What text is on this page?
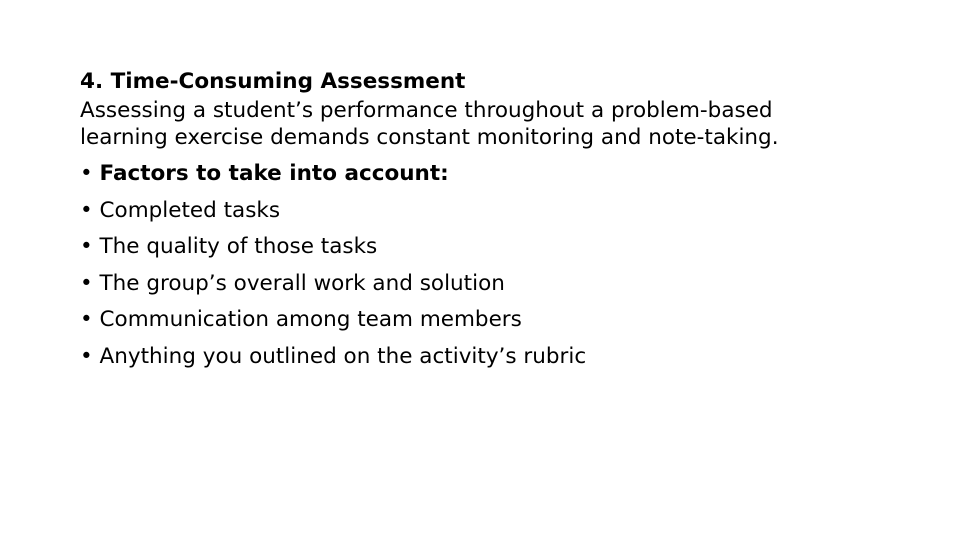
4. Time-Consuming Assessment
Assessing a student’s performance throughout a problem-based learning exercise demands constant monitoring and note-taking.
• Factors to take into account:
• Completed tasks
• The quality of those tasks
• The group’s overall work and solution
• Communication among team members
• Anything you outlined on the activity’s rubric
